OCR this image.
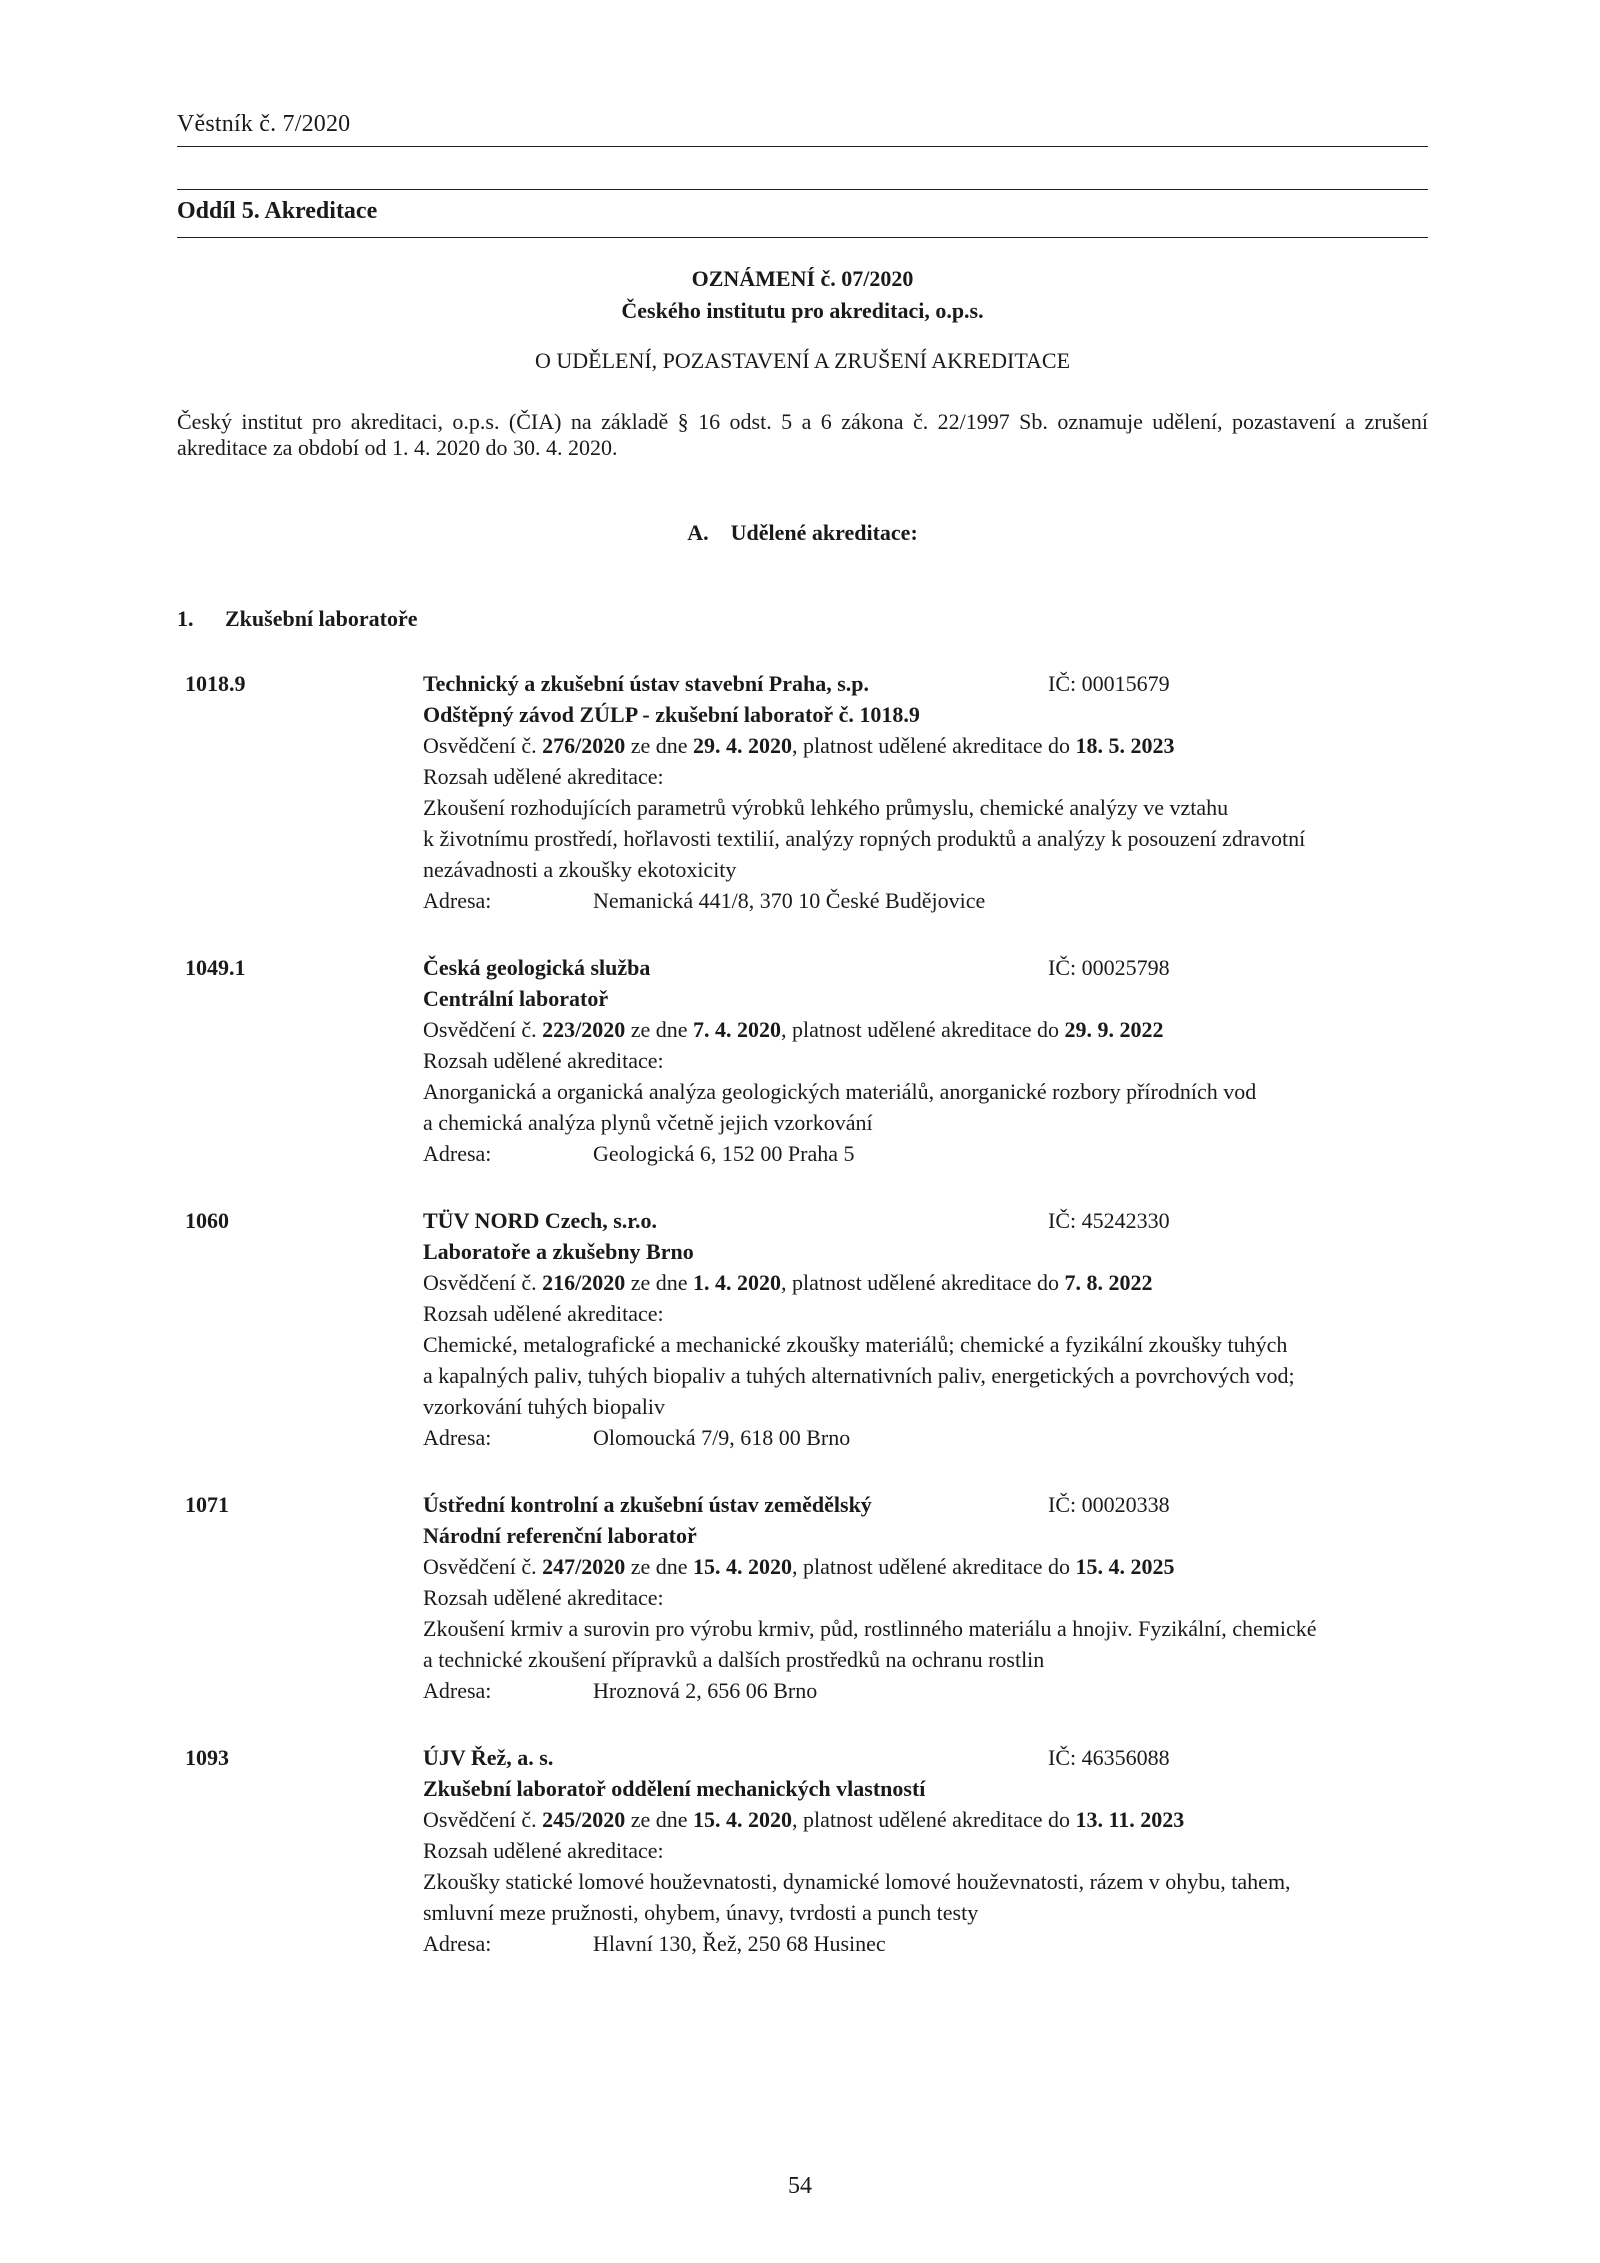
Věstník č. 7/2020
Oddíl 5. Akreditace
OZNÁMENÍ č. 07/2020
Českého institutu pro akreditaci, o.p.s.
O UDĚLENÍ, POZASTAVENÍ A ZRUŠENÍ AKREDITACE
Český institut pro akreditaci, o.p.s. (ČIA) na základě § 16 odst. 5 a 6 zákona č. 22/1997 Sb. oznamuje udělení, pozastavení a zrušení akreditace za období od 1. 4. 2020 do 30. 4. 2020.
A. Udělené akreditace:
1. Zkušební laboratoře
1018.9	Technický a zkušební ústav stavební Praha, s.p.	IČ: 00015679
Odštěpný závod ZÚLP - zkušební laboratoř č. 1018.9
Osvědčení č. 276/2020 ze dne 29. 4. 2020, platnost udělené akreditace do 18. 5. 2023
Rozsah udělené akreditace:
Zkoušení rozhodujících parametrů výrobků lehkého průmyslu, chemické analýzy ve vztahu
k životnímu prostředí, hořlavosti textilií, analýzy ropných produktů a analýzy k posouzení zdravotní
nezávadnosti a zkoušky ekotoxicity
Adresa:	Nemanická 441/8, 370 10 České Budějovice
1049.1	Česká geologická služba	IČ: 00025798
Centrální laboratoř
Osvědčení č. 223/2020 ze dne 7. 4. 2020, platnost udělené akreditace do 29. 9. 2022
Rozsah udělené akreditace:
Anorganická a organická analýza geologických materiálů, anorganické rozbory přírodních vod
a chemická analýza plynů včetně jejich vzorkování
Adresa:	Geologická 6, 152 00 Praha 5
1060	TÜV NORD Czech, s.r.o.	IČ: 45242330
Laboratoře a zkušebny Brno
Osvědčení č. 216/2020 ze dne 1. 4. 2020, platnost udělené akreditace do 7. 8. 2022
Rozsah udělené akreditace:
Chemické, metalografické a mechanické zkoušky materiálů; chemické a fyzikální zkoušky tuhých
a kapalných paliv, tuhých biopaliv a tuhých alternativních paliv, energetických a povrchových vod;
vzorkování tuhých biopaliv
Adresa:	Olomoucká 7/9, 618 00 Brno
1071	Ústřední kontrolní a zkušební ústav zemědělský	IČ: 00020338
Národní referenční laboratoř
Osvědčení č. 247/2020 ze dne 15. 4. 2020, platnost udělené akreditace do 15. 4. 2025
Rozsah udělené akreditace:
Zkoušení krmiv a surovin pro výrobu krmiv, půd, rostlinného materiálu a hnojiv. Fyzikální, chemické
a technické zkoušení přípravků a dalších prostředků na ochranu rostlin
Adresa:	Hroznová 2, 656 06 Brno
1093	ÚJV Řež, a. s.	IČ: 46356088
Zkušební laboratoř oddělení mechanických vlastností
Osvědčení č. 245/2020 ze dne 15. 4. 2020, platnost udělené akreditace do 13. 11. 2023
Rozsah udělené akreditace:
Zkoušky statické lomové houževnatosti, dynamické lomové houževnatosti, rázem v ohybu, tahem,
smluvní meze pružnosti, ohybem, únavy, tvrdosti a punch testy
Adresa:	Hlavní 130, Řež, 250 68 Husinec
54
